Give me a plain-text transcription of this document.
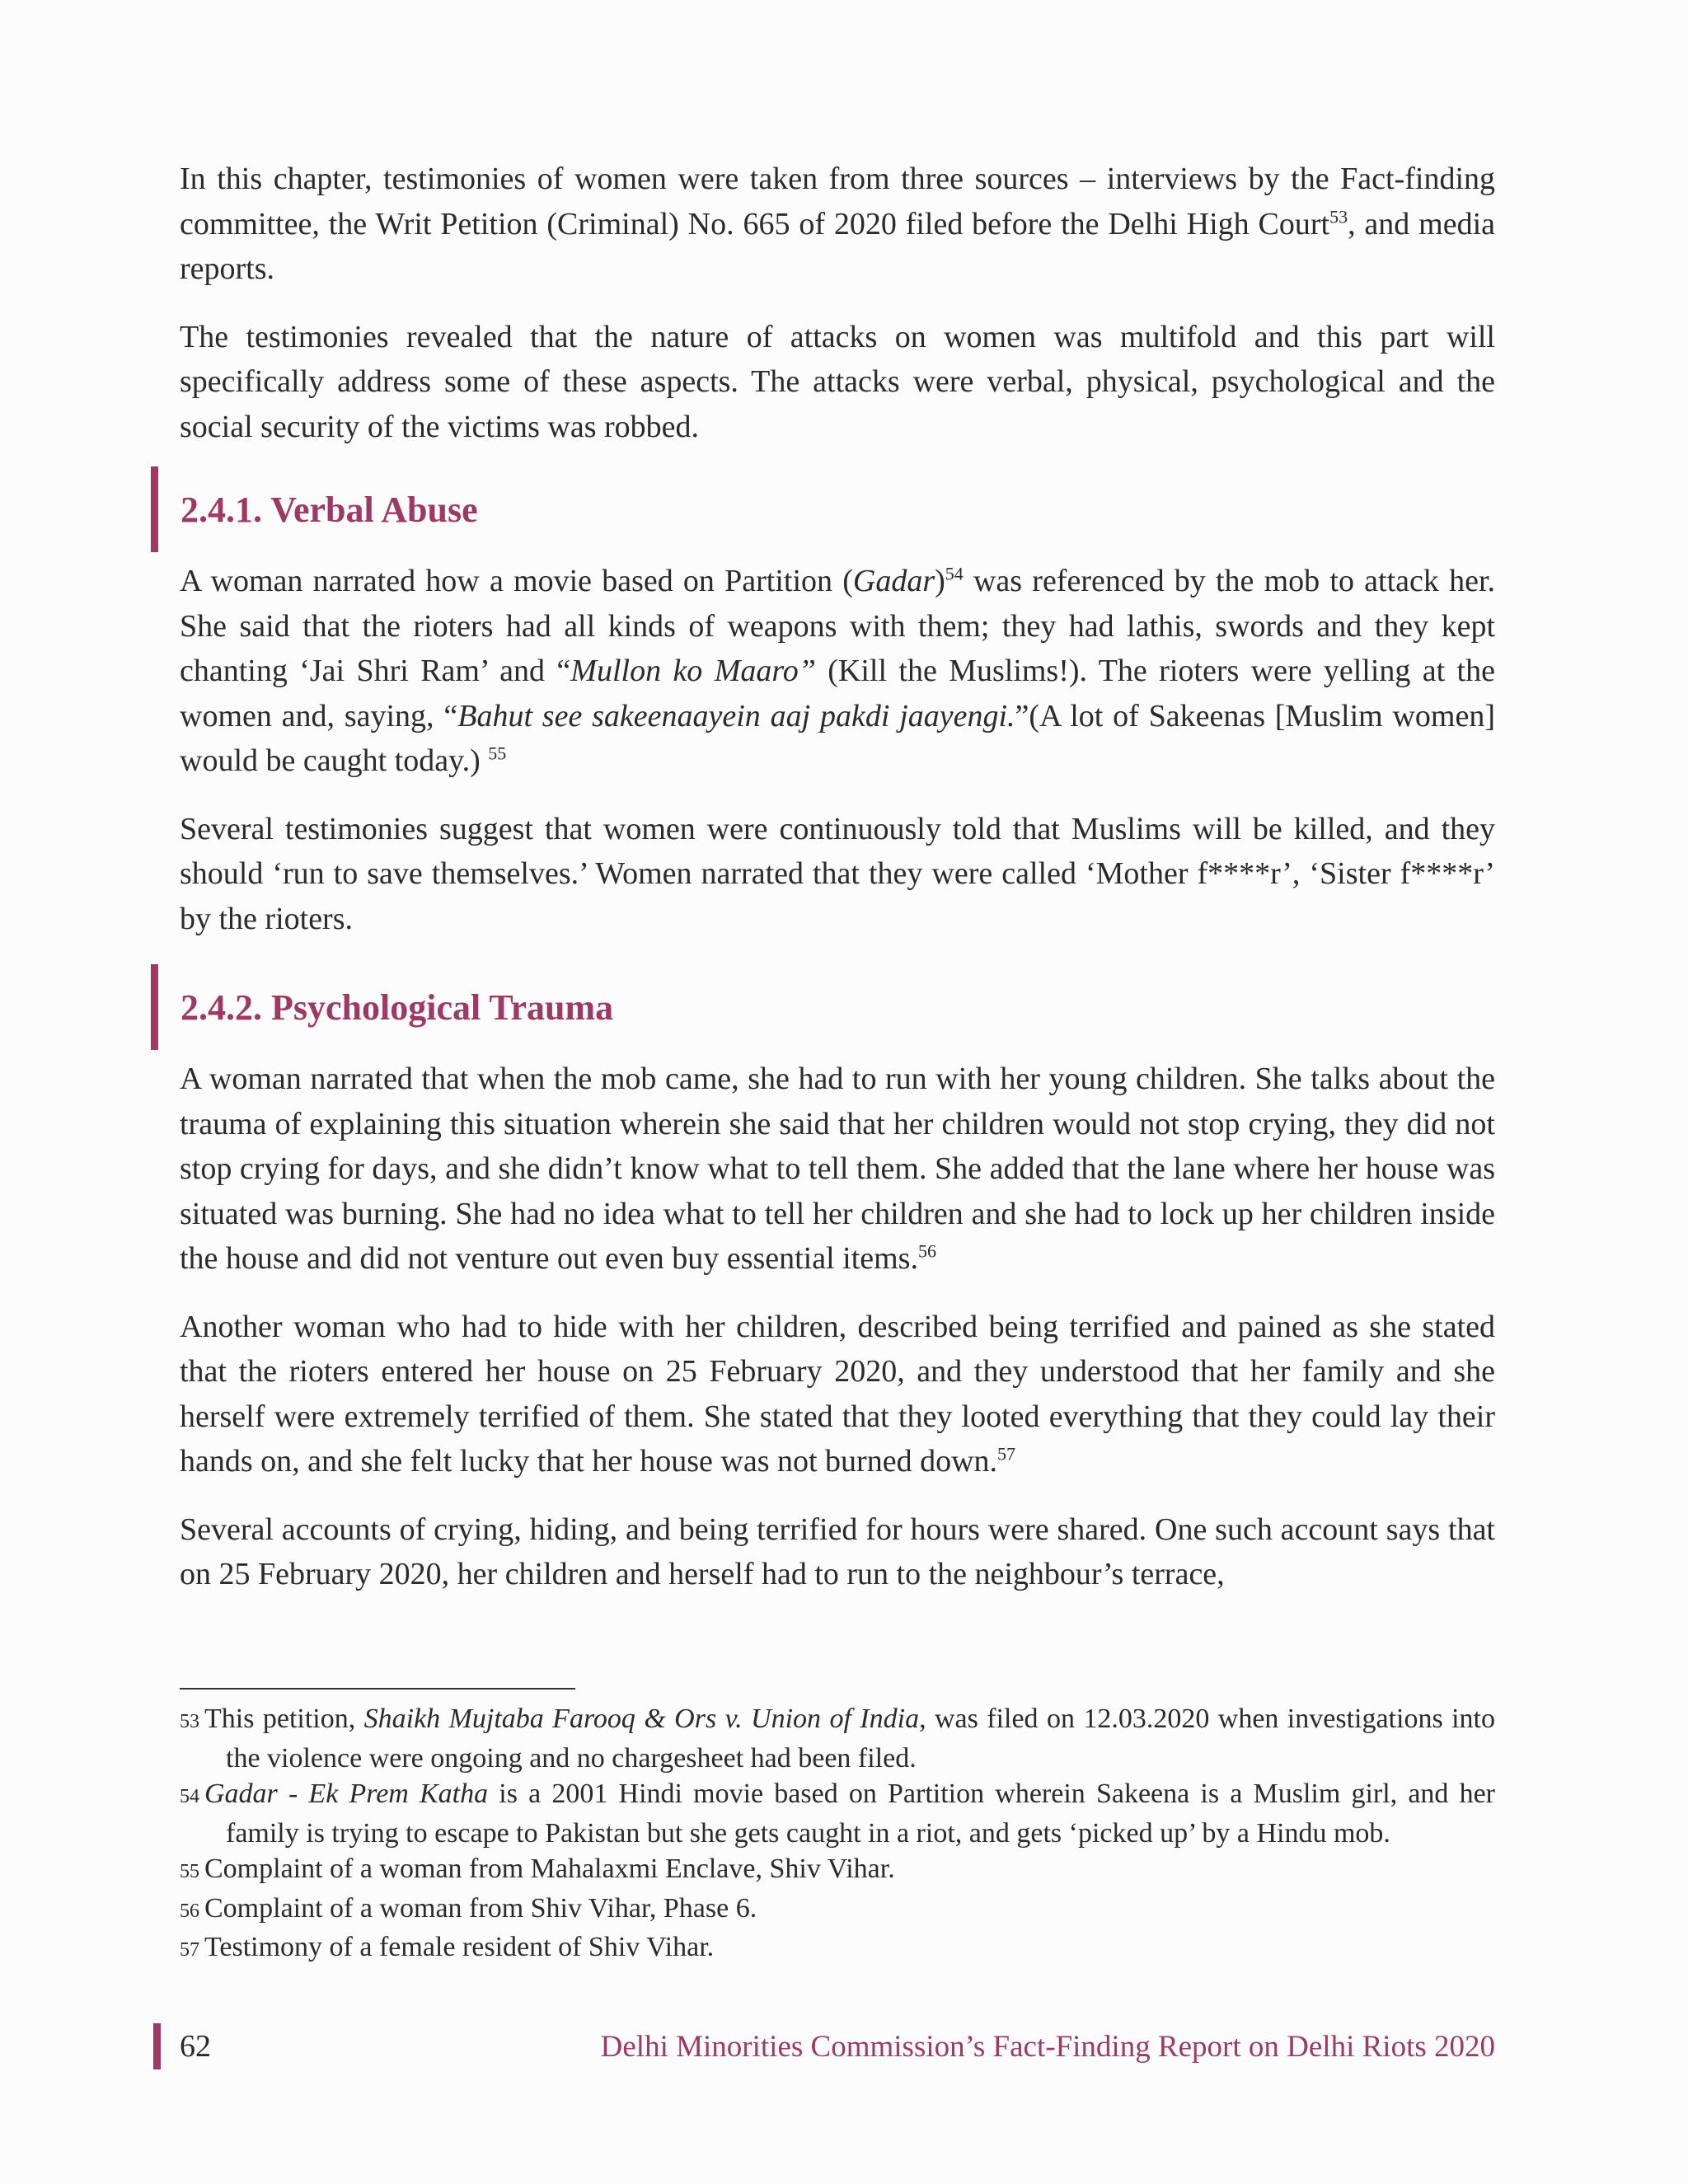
In this chapter, testimonies of women were taken from three sources – interviews by the Fact-finding committee, the Writ Petition (Criminal) No. 665 of 2020 filed before the Delhi High Court$^{53}$, and media reports.

The testimonies revealed that the nature of attacks on women was multifold and this part will specifically address some of these aspects. The attacks were verbal, physical, psychological and the social security of the victims was robbed.

2.4.1. Verbal Abuse

A woman narrated how a movie based on Partition (Gadar)$^{54}$ was referenced by the mob to attack her. She said that the rioters had all kinds of weapons with them; they had lathis, swords and they kept chanting ‘Jai Shri Ram’ and “Mullon ko Maaro” (Kill the Muslims!). The rioters were yelling at the women and, saying, “Bahut see sakeenaayein aaj pakdi jaayengi.”(A lot of Sakeenas [Muslim women] would be caught today.) $^{55}$

Several testimonies suggest that women were continuously told that Muslims will be killed, and they should ‘run to save themselves.’ Women narrated that they were called ‘Mother f****r’, ‘Sister f****r’ by the rioters.

2.4.2. Psychological Trauma

A woman narrated that when the mob came, she had to run with her young children. She talks about the trauma of explaining this situation wherein she said that her children would not stop crying, they did not stop crying for days, and she didn’t know what to tell them. She added that the lane where her house was situated was burning. She had no idea what to tell her children and she had to lock up her children inside the house and did not venture out even buy essential items.$^{56}$

Another woman who had to hide with her children, described being terrified and pained as she stated that the rioters entered her house on 25 February 2020, and they understood that her family and she herself were extremely terrified of them. She stated that they looted everything that they could lay their hands on, and she felt lucky that her house was not burned down.$^{57}$

Several accounts of crying, hiding, and being terrified for hours were shared. One such account says that on 25 February 2020, her children and herself had to run to the neighbour’s terrace,

53 This petition, Shaikh Mujtaba Farooq & Ors v. Union of India, was filed on 12.03.2020 when investigations into the violence were ongoing and no chargesheet had been filed.

54 Gadar - Ek Prem Katha is a 2001 Hindi movie based on Partition wherein Sakeena is a Muslim girl, and her family is trying to escape to Pakistan but she gets caught in a riot, and gets ‘picked up’ by a Hindu mob.

55 Complaint of a woman from Mahalaxmi Enclave, Shiv Vihar.

56 Complaint of a woman from Shiv Vihar, Phase 6.

57 Testimony of a female resident of Shiv Vihar.

62	Delhi Minorities Commission’s Fact-Finding Report on Delhi Riots 2020
